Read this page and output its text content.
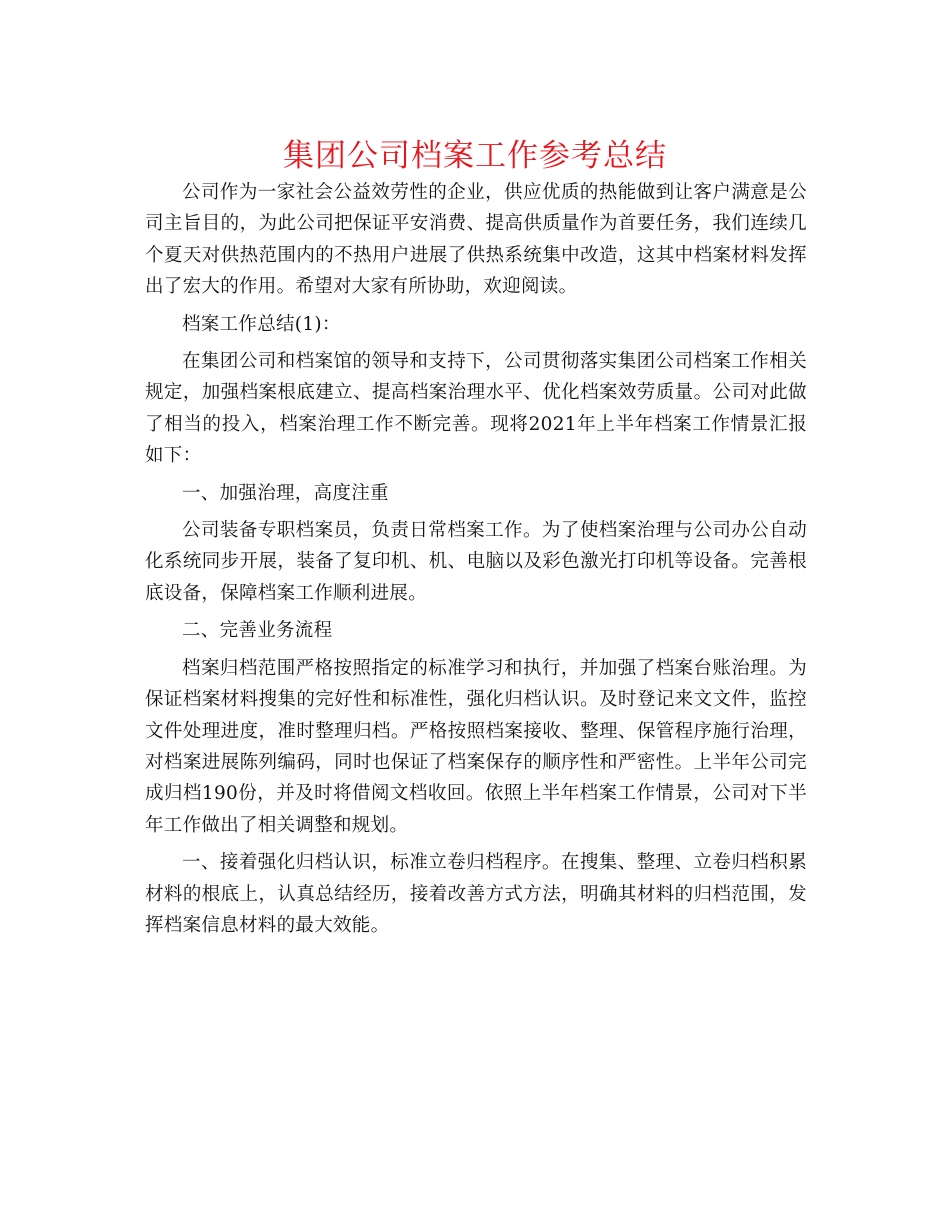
集团公司档案工作参考总结

公司作为一家社会公益效劳性的企业，供应优质的热能做到让客户满意是公司主旨目的，为此公司把保证平安消费、提高供质量作为首要任务，我们连续几个夏天对供热范围内的不热用户进展了供热系统集中改造，这其中档案材料发挥出了宏大的作用。希望对大家有所协助，欢迎阅读。

档案工作总结(1)：

在集团公司和档案馆的领导和支持下，公司贯彻落实集团公司档案工作相关规定，加强档案根底建立、提高档案治理水平、优化档案效劳质量。公司对此做了相当的投入，档案治理工作不断完善。现将2021年上半年档案工作情景汇报如下：

一、加强治理，高度注重

公司装备专职档案员，负责日常档案工作。为了使档案治理与公司办公自动化系统同步开展，装备了复印机、机、电脑以及彩色激光打印机等设备。完善根底设备，保障档案工作顺利进展。

二、完善业务流程

档案归档范围严格按照指定的标准学习和执行，并加强了档案台账治理。为保证档案材料搜集的完好性和标准性，强化归档认识。及时登记来文文件，监控文件处理进度，准时整理归档。严格按照档案接收、整理、保管程序施行治理，对档案进展陈列编码，同时也保证了档案保存的顺序性和严密性。上半年公司完成归档190份，并及时将借阅文档收回。依照上半年档案工作情景，公司对下半年工作做出了相关调整和规划。

一、接着强化归档认识，标准立卷归档程序。在搜集、整理、立卷归档积累材料的根底上，认真总结经历，接着改善方式方法，明确其材料的归档范围，发挥档案信息材料的最大效能。
